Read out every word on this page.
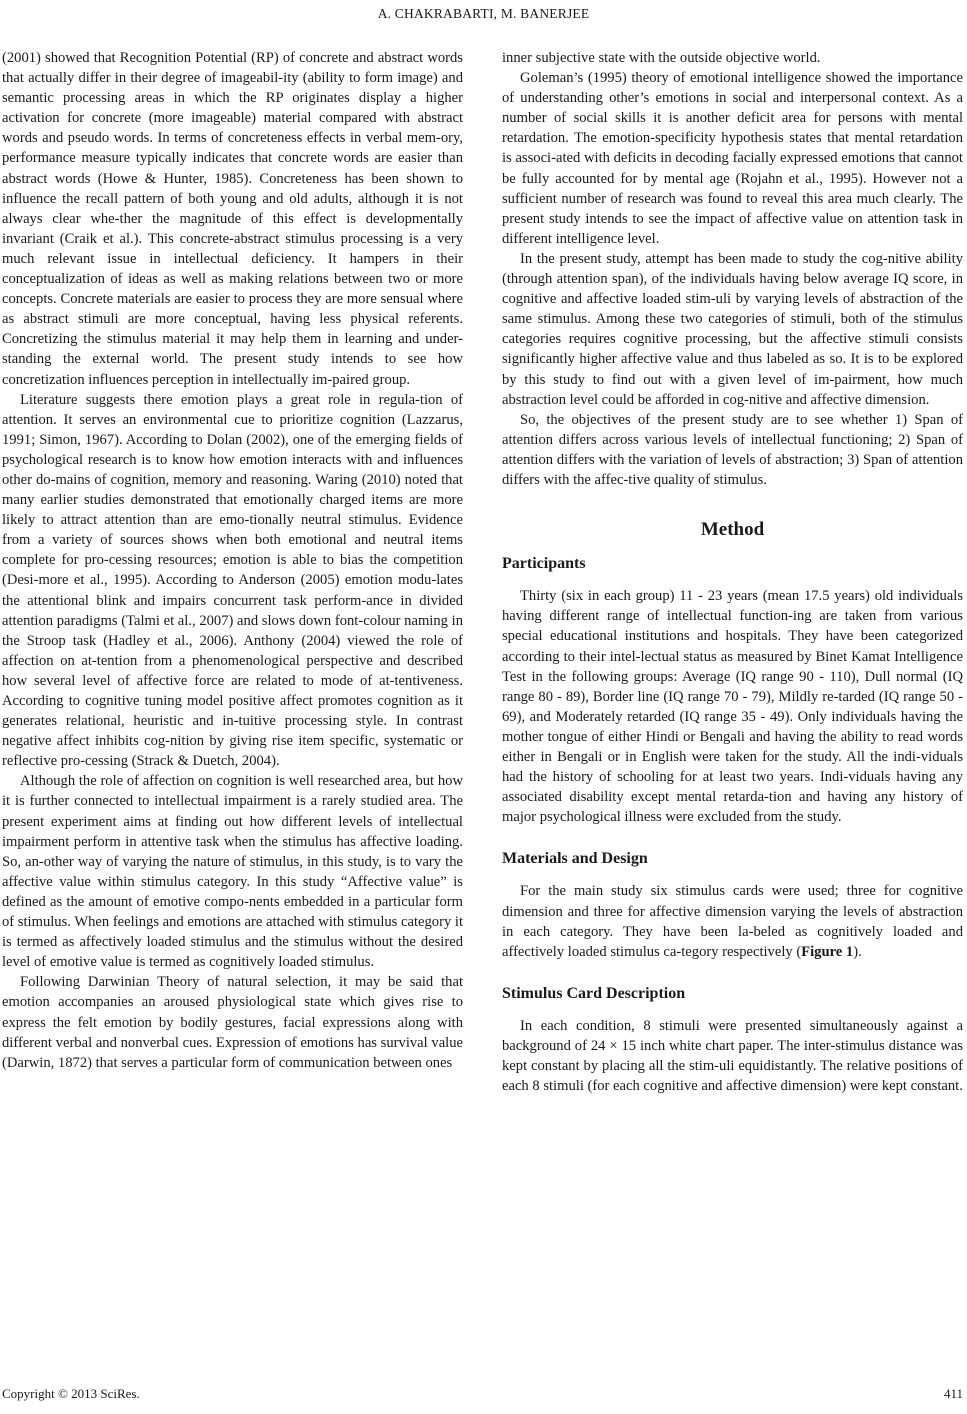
A. CHAKRABARTI, M. BANERJEE

(2001) showed that Recognition Potential (RP) of concrete and abstract words that actually differ in their degree of imageabil-ity (ability to form image) and semantic processing areas in which the RP originates display a higher activation for concrete (more imageable) material compared with abstract words and pseudo words. In terms of concreteness effects in verbal mem-ory, performance measure typically indicates that concrete words are easier than abstract words (Howe & Hunter, 1985). Concreteness has been shown to influence the recall pattern of both young and old adults, although it is not always clear whe-ther the magnitude of this effect is developmentally invariant (Craik et al.). This concrete-abstract stimulus processing is a very much relevant issue in intellectual deficiency. It hampers in their conceptualization of ideas as well as making relations between two or more concepts. Concrete materials are easier to process they are more sensual where as abstract stimuli are more conceptual, having less physical referents. Concretizing the stimulus material it may help them in learning and under-standing the external world. The present study intends to see how concretization influences perception in intellectually im-paired group.

Literature suggests there emotion plays a great role in regula-tion of attention. It serves an environmental cue to prioritize cognition (Lazzarus, 1991; Simon, 1967). According to Dolan (2002), one of the emerging fields of psychological research is to know how emotion interacts with and influences other do-mains of cognition, memory and reasoning. Waring (2010) noted that many earlier studies demonstrated that emotionally charged items are more likely to attract attention than are emo-tionally neutral stimulus. Evidence from a variety of sources shows when both emotional and neutral items complete for pro-cessing resources; emotion is able to bias the competition (Desi-more et al., 1995). According to Anderson (2005) emotion modu-lates the attentional blink and impairs concurrent task perform-ance in divided attention paradigms (Talmi et al., 2007) and slows down font-colour naming in the Stroop task (Hadley et al., 2006). Anthony (2004) viewed the role of affection on at-tention from a phenomenological perspective and described how several level of affective force are related to mode of at-tentiveness. According to cognitive tuning model positive affect promotes cognition as it generates relational, heuristic and in-tuitive processing style. In contrast negative affect inhibits cog-nition by giving rise item specific, systematic or reflective pro-cessing (Strack & Duetch, 2004).

Although the role of affection on cognition is well researched area, but how it is further connected to intellectual impairment is a rarely studied area. The present experiment aims at finding out how different levels of intellectual impairment perform in attentive task when the stimulus has affective loading. So, an-other way of varying the nature of stimulus, in this study, is to vary the affective value within stimulus category. In this study “Affective value” is defined as the amount of emotive compo-nents embedded in a particular form of stimulus. When feelings and emotions are attached with stimulus category it is termed as affectively loaded stimulus and the stimulus without the desired level of emotive value is termed as cognitively loaded stimulus.

Following Darwinian Theory of natural selection, it may be said that emotion accompanies an aroused physiological state which gives rise to express the felt emotion by bodily gestures, facial expressions along with different verbal and nonverbal cues. Expression of emotions has survival value (Darwin, 1872) that serves a particular form of communication between ones

inner subjective state with the outside objective world.

Goleman’s (1995) theory of emotional intelligence showed the importance of understanding other’s emotions in social and interpersonal context. As a number of social skills it is another deficit area for persons with mental retardation. The emotion-specificity hypothesis states that mental retardation is associ-ated with deficits in decoding facially expressed emotions that cannot be fully accounted for by mental age (Rojahn et al., 1995). However not a sufficient number of research was found to reveal this area much clearly. The present study intends to see the impact of affective value on attention task in different intelligence level.

In the present study, attempt has been made to study the cog-nitive ability (through attention span), of the individuals having below average IQ score, in cognitive and affective loaded stim-uli by varying levels of abstraction of the same stimulus. Among these two categories of stimuli, both of the stimulus categories requires cognitive processing, but the affective stimuli consists significantly higher affective value and thus labeled as so. It is to be explored by this study to find out with a given level of im-pairment, how much abstraction level could be afforded in cog-nitive and affective dimension.

So, the objectives of the present study are to see whether 1) Span of attention differs across various levels of intellectual functioning; 2) Span of attention differs with the variation of levels of abstraction; 3) Span of attention differs with the affec-tive quality of stimulus.

Method
Participants

Thirty (six in each group) 11 - 23 years (mean 17.5 years) old individuals having different range of intellectual function-ing are taken from various special educational institutions and hospitals. They have been categorized according to their intel-lectual status as measured by Binet Kamat Intelligence Test in the following groups: Average (IQ range 90 - 110), Dull normal (IQ range 80 - 89), Border line (IQ range 70 - 79), Mildly re-tarded (IQ range 50 - 69), and Moderately retarded (IQ range 35 - 49). Only individuals having the mother tongue of either Hindi or Bengali and having the ability to read words either in Bengali or in English were taken for the study. All the indi-viduals had the history of schooling for at least two years. Indi-viduals having any associated disability except mental retarda-tion and having any history of major psychological illness were excluded from the study.

Materials and Design

For the main study six stimulus cards were used; three for cognitive dimension and three for affective dimension varying the levels of abstraction in each category. They have been la-beled as cognitively loaded and affectively loaded stimulus ca-tegory respectively (Figure 1).

Stimulus Card Description

In each condition, 8 stimuli were presented simultaneously against a background of 24 × 15 inch white chart paper. The inter-stimulus distance was kept constant by placing all the stim-uli equidistantly. The relative positions of each 8 stimuli (for each cognitive and affective dimension) were kept constant.

Copyright © 2013 SciRes.	411
